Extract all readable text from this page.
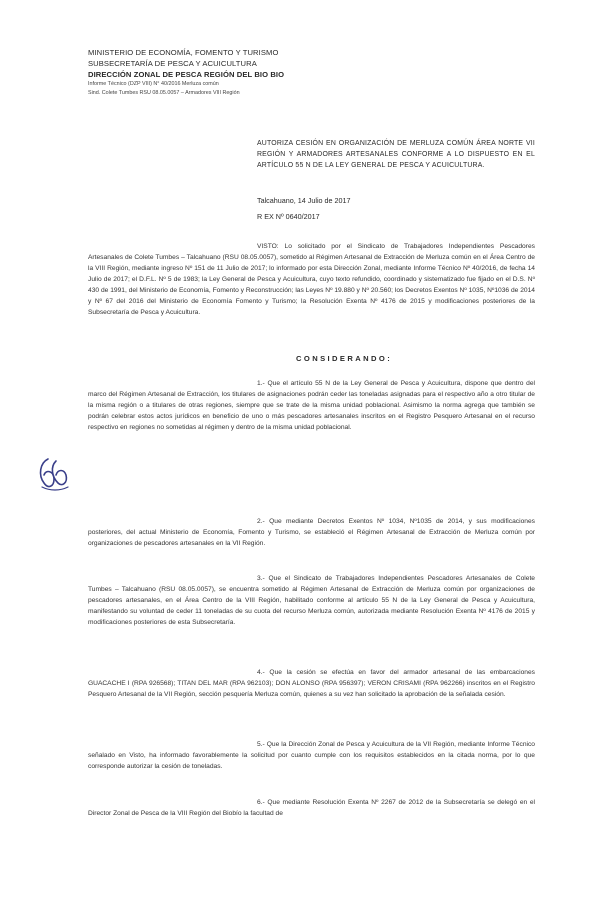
MINISTERIO DE ECONOMÍA, FOMENTO Y TURISMO
SUBSECRETARÍA DE PESCA Y ACUICULTURA
DIRECCIÓN ZONAL DE PESCA REGIÓN DEL BIO BIO
Informe Técnico (DZP VIII) N° 40/2016 Merluza común
Sind. Colete Tumbes RSU 08.05.0057 – Armadores VIII Región
AUTORIZA CESIÓN EN ORGANIZACIÓN DE MERLUZA COMÚN ÁREA NORTE VII REGIÓN Y ARMADORES ARTESANALES CONFORME A LO DISPUESTO EN EL ARTÍCULO 55 N DE LA LEY GENERAL DE PESCA Y ACUICULTURA.
Talcahuano, 14 Julio de 2017
R EX Nº 0640/2017
VISTO: Lo solicitado por el Sindicato de Trabajadores Independientes Pescadores Artesanales de Colete Tumbes – Talcahuano (RSU 08.05.0057), sometido al Régimen Artesanal de Extracción de Merluza común en el Área Centro de la VIII Región, mediante ingreso Nº 151 de 11 Julio de 2017; lo informado por esta Dirección Zonal, mediante Informe Técnico Nº 40/2016, de fecha 14 Julio de 2017; el D.F.L. Nº 5 de 1983; la Ley General de Pesca y Acuicultura, cuyo texto refundido, coordinado y sistematizado fue fijado en el D.S. Nº 430 de 1991, del Ministerio de Economía, Fomento y Reconstrucción; las Leyes Nº 19.880 y Nº 20.560; los Decretos Exentos Nº 1035, Nº1036 de 2014 y Nº 67 del 2016 del Ministerio de Economía Fomento y Turismo; la Resolución Exenta Nº 4176 de 2015 y modificaciones posteriores de la Subsecretaría de Pesca y Acuicultura.
CONSIDERANDO:
1.- Que el artículo 55 N de la Ley General de Pesca y Acuicultura, dispone que dentro del marco del Régimen Artesanal de Extracción, los titulares de asignaciones podrán ceder las toneladas asignadas para el respectivo año a otro titular de la misma región o a titulares de otras regiones, siempre que se trate de la misma unidad poblacional. Asimismo la norma agrega que también se podrán celebrar estos actos jurídicos en beneficio de uno o más pescadores artesanales inscritos en el Registro Pesquero Artesanal en el recurso respectivo en regiones no sometidas al régimen y dentro de la misma unidad poblacional.
2.- Que mediante Decretos Exentos Nº 1034, Nº1035 de 2014, y sus modificaciones posteriores, del actual Ministerio de Economía, Fomento y Turismo, se estableció el Régimen Artesanal de Extracción de Merluza común por organizaciones de pescadores artesanales en la VII Región.
3.- Que el Sindicato de Trabajadores Independientes Pescadores Artesanales de Colete Tumbes – Talcahuano (RSU 08.05.0057), se encuentra sometido al Régimen Artesanal de Extracción de Merluza común por organizaciones de pescadores artesanales, en el Área Centro de la VIII Región, habilitado conforme al artículo 55 N de la Ley General de Pesca y Acuicultura, manifestando su voluntad de ceder 11 toneladas de su cuota del recurso Merluza común, autorizada mediante Resolución Exenta Nº 4176 de 2015 y modificaciones posteriores de esta Subsecretaría.
4.- Que la cesión se efectúa en favor del armador artesanal de las embarcaciones GUACACHE I (RPA 926568); TITAN DEL MAR (RPA 962103); DON ALONSO (RPA 956397); VERON CRISAMI (RPA 962266) inscritos en el Registro Pesquero Artesanal de la VII Región, sección pesquería Merluza común, quienes a su vez han solicitado la aprobación de la señalada cesión.
5.- Que la Dirección Zonal de Pesca y Acuicultura de la VII Región, mediante Informe Técnico señalado en Visto, ha informado favorablemente la solicitud por cuanto cumple con los requisitos establecidos en la citada norma, por lo que corresponde autorizar la cesión de toneladas.
6.- Que mediante Resolución Exenta Nº 2267 de 2012 de la Subsecretaría se delegó en el Director Zonal de Pesca de la VIII Región del Biobío la facultad de
